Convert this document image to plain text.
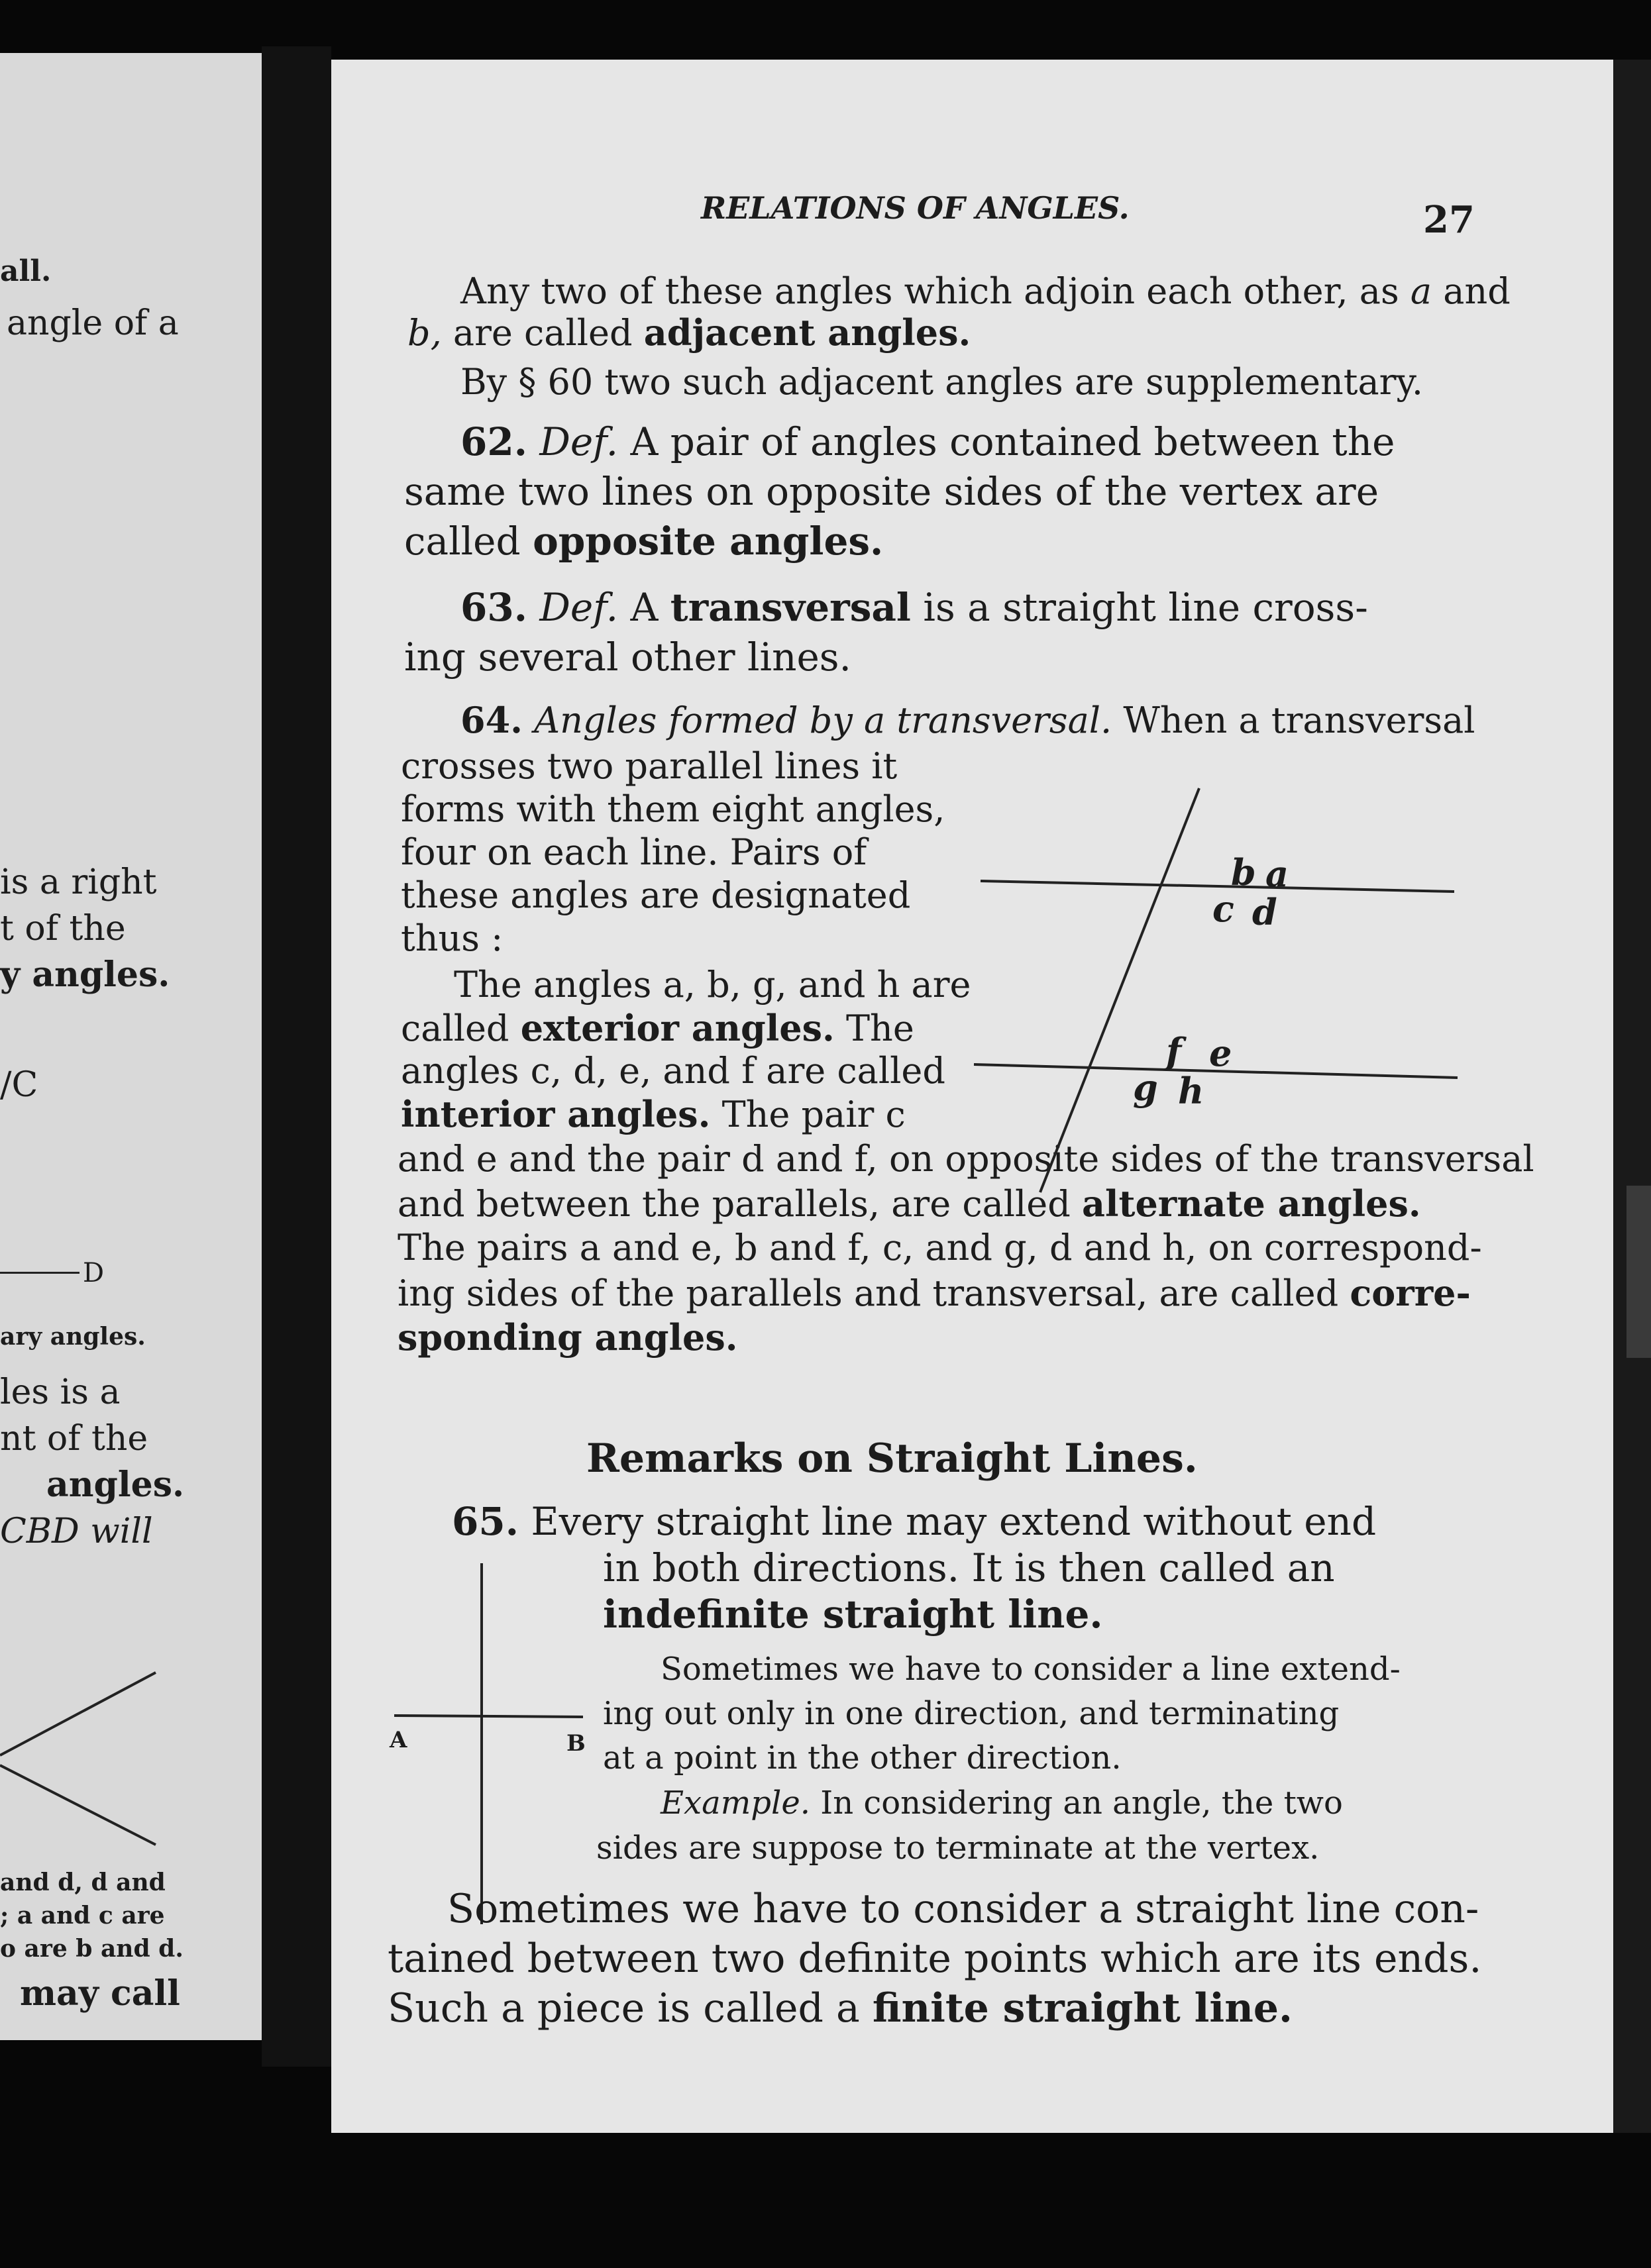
all.
angle of a
is a right
t of the
y angles.
/C
D
ary angles.
les is a
nt of the
angles.
CBD will
and d, d and
; a and c are
o are b and d.
may call
RELATIONS OF ANGLES.	27
Any two of these angles which adjoin each other, as a and
b, are called adjacent angles.
By § 60 two such adjacent angles are supplementary.
62. Def. A pair of angles contained between the
same two lines on opposite sides of the vertex are
called opposite angles.
63. Def. A transversal is a straight line cross-
ing several other lines.
64. Angles formed by a transversal. When a transversal
crosses two parallel lines it
forms with them eight angles,
four on each line. Pairs of
these angles are designated
thus :
The angles a, b, g, and h are
called exterior angles. The
angles c, d, e, and f are called
interior angles. The pair c
and e and the pair d and f, on opposite sides of the transversal
and between the parallels, are called alternate angles.
The pairs a and e, b and f, c, and g, d and h, on correspond-
ing sides of the parallels and transversal, are called corre-
sponding angles.
b a
c d
f e
g h
Remarks on Straight Lines.
65. Every straight line may extend without end
in both directions. It is then called an
indefinite straight line.
Sometimes we have to consider a line extend-
ing out only in one direction, and terminating
at a point in the other direction.
Example. In considering an angle, the two
sides are suppose to terminate at the vertex.
A	B
Sometimes we have to consider a straight line con-
tained between two definite points which are its ends.
Such a piece is called a finite straight line.
